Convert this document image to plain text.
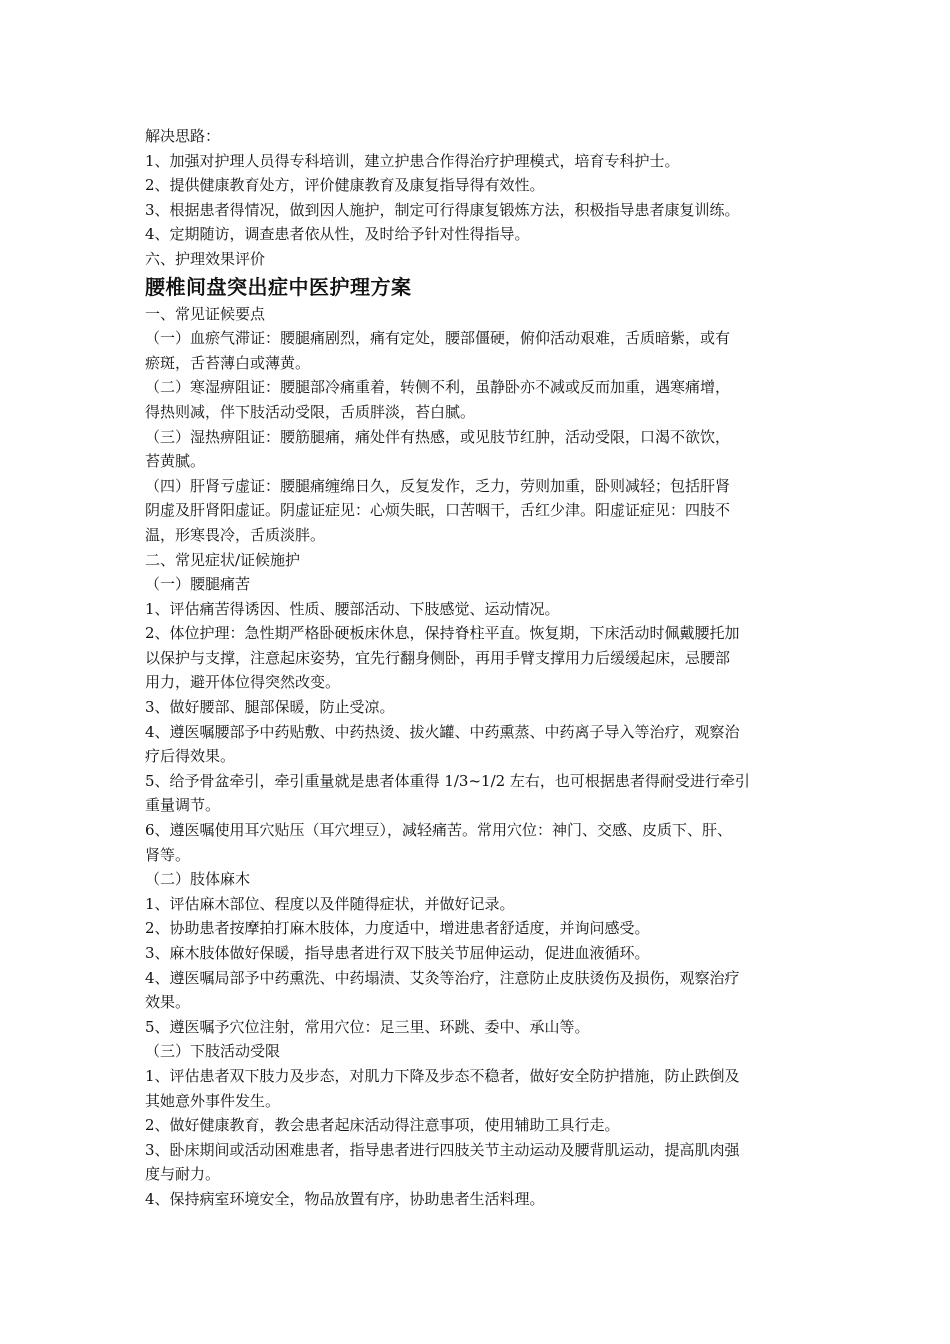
解决思路：

1、加强对护理人员得专科培训，建立护患合作得治疗护理模式，培育专科护士。

2、提供健康教育处方，评价健康教育及康复指导得有效性。

3、根据患者得情况，做到因人施护，制定可行得康复锻炼方法，积极指导患者康复训练。

4、定期随访，调查患者依从性，及时给予针对性得指导。

六、护理效果评价

腰椎间盘突出症中医护理方案

一、常见证候要点

（一）血瘀气滞证：腰腿痛剧烈，痛有定处，腰部僵硬，俯仰活动艰难，舌质暗紫，或有

瘀斑，舌苔薄白或薄黄。

（二）寒湿痹阻证：腰腿部冷痛重着，转侧不利，虽静卧亦不减或反而加重，遇寒痛增，

得热则减，伴下肢活动受限，舌质胖淡，苔白腻。

（三）湿热痹阻证：腰筋腿痛，痛处伴有热感，或见肢节红肿，活动受限，口渴不欲饮，

苔黄腻。

（四）肝肾亏虚证：腰腿痛缠绵日久，反复发作，乏力，劳则加重，卧则减轻；包括肝肾

阴虚及肝肾阳虚证。阴虚证症见：心烦失眠，口苦咽干，舌红少津。阳虚证症见：四肢不

温，形寒畏冷，舌质淡胖。

二、常见症状/证候施护

（一）腰腿痛苦

1、评估痛苦得诱因、性质、腰部活动、下肢感觉、运动情况。

2、体位护理：急性期严格卧硬板床休息，保持脊柱平直。恢复期，下床活动时佩戴腰托加

以保护与支撑，注意起床姿势，宜先行翻身侧卧，再用手臂支撑用力后缓缓起床，忌腰部

用力，避开体位得突然改变。

3、做好腰部、腿部保暖，防止受凉。

4、遵医嘱腰部予中药贴敷、中药热烫、拔火罐、中药熏蒸、中药离子导入等治疗，观察治

疗后得效果。

5、给予骨盆牵引，牵引重量就是患者体重得 1/3~1/2 左右，也可根据患者得耐受进行牵引

重量调节。

6、遵医嘱使用耳穴贴压（耳穴埋豆），减轻痛苦。常用穴位：神门、交感、皮质下、肝、

肾等。

（二）肢体麻木

1、评估麻木部位、程度以及伴随得症状，并做好记录。

2、协助患者按摩拍打麻木肢体，力度适中，增进患者舒适度，并询问感受。

3、麻木肢体做好保暖，指导患者进行双下肢关节屈伸运动，促进血液循环。

4、遵医嘱局部予中药熏洗、中药塌渍、艾灸等治疗，注意防止皮肤烫伤及损伤，观察治疗

效果。

5、遵医嘱予穴位注射，常用穴位：足三里、环跳、委中、承山等。

（三）下肢活动受限

1、评估患者双下肢力及步态，对肌力下降及步态不稳者，做好安全防护措施，防止跌倒及

其她意外事件发生。

2、做好健康教育，教会患者起床活动得注意事项，使用辅助工具行走。

3、卧床期间或活动困难患者，指导患者进行四肢关节主动运动及腰背肌运动，提高肌肉强

度与耐力。

4、保持病室环境安全，物品放置有序，协助患者生活料理。
